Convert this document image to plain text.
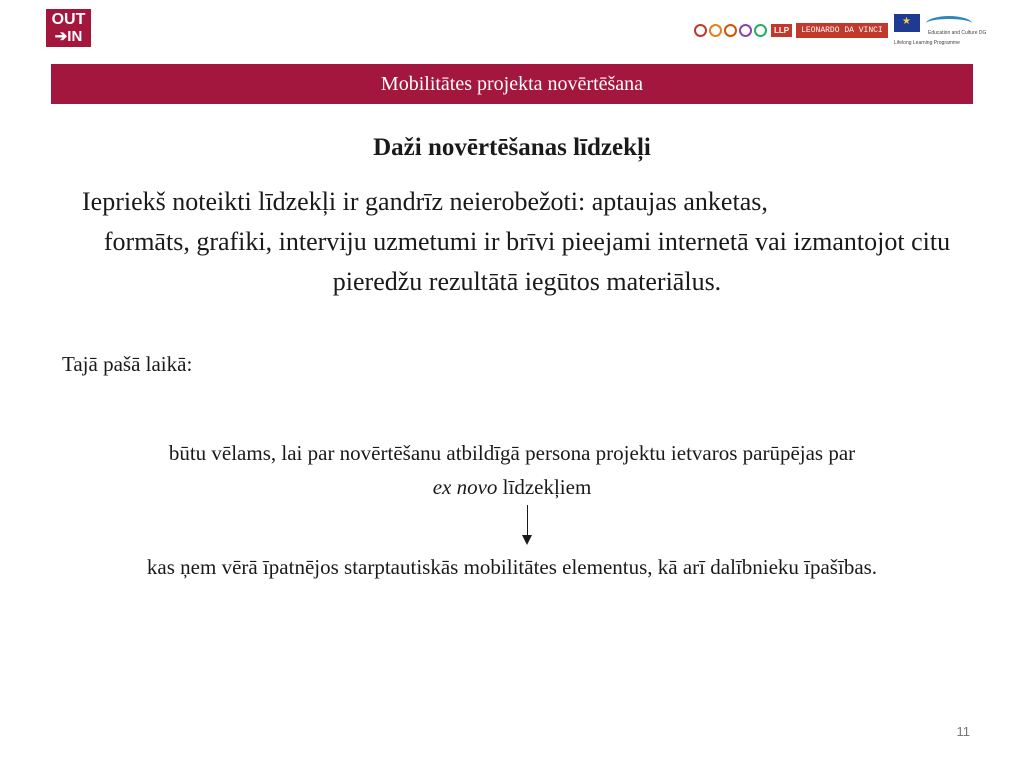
OUT
➔IN	LLP	LEONARDO DA VINCI
★	Education and Culture DG
Lifelong Learning Programme
Mobilitātes projekta novērtēšana
Daži novērtēšanas līdzekļi
Iepriekš noteikti līdzekļi ir gandrīz neierobežoti: aptaujas anketas,
formāts, grafiki, interviju uzmetumi ir brīvi pieejami internetā vai izmantojot citu pieredžu rezultātā iegūtos materiālus.
Tajā pašā laikā:
būtu vēlams, lai par novērtēšanu atbildīgā persona projektu ietvaros parūpējas par
ex novo līdzekļiem
kas ņem vērā īpatnējos starptautiskās mobilitātes elementus, kā arī dalībnieku īpašības.
11
